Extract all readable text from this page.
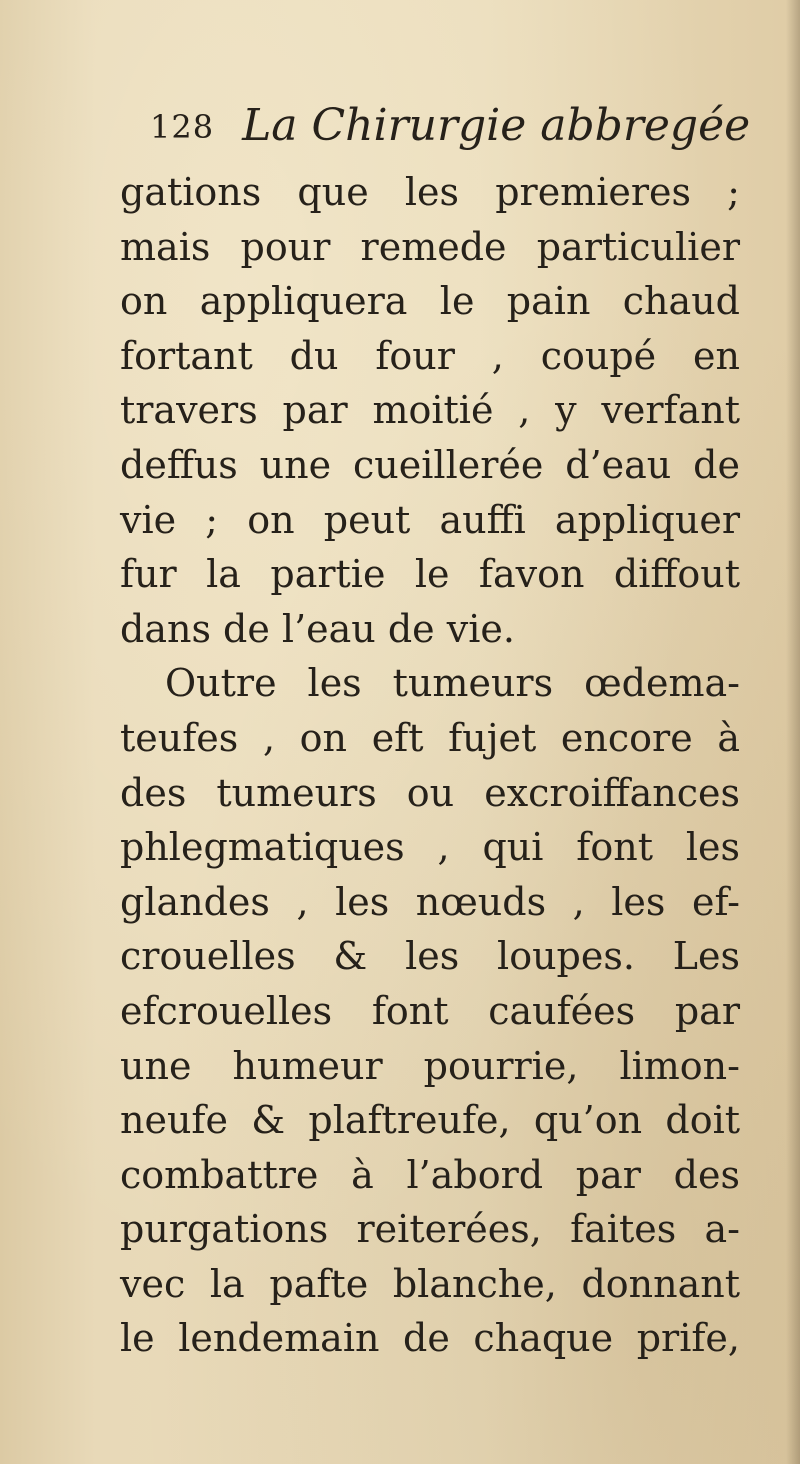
128 La Chirurgie abbregée
gations que les premieres ;
mais pour remede particulier
on appliquera le pain chaud
fortant du four , coupé en
travers par moitié , y verfant
deffus une cueillerée d’eau de
vie ; on peut auffi appliquer
fur la partie le favon diffout
dans de l’eau de vie.
Outre les tumeurs œdema-
teufes , on eft fujet encore à
des tumeurs ou excroiffances
phlegmatiques , qui font les
glandes , les nœuds , les ef-
crouelles & les loupes. Les
efcrouelles font caufées par
une humeur pourrie, limon-
neufe & plaftreufe, qu’on doit
combattre à l’abord par des
purgations reiterées, faites a-
vec la pafte blanche, donnant
le lendemain de chaque prife,
